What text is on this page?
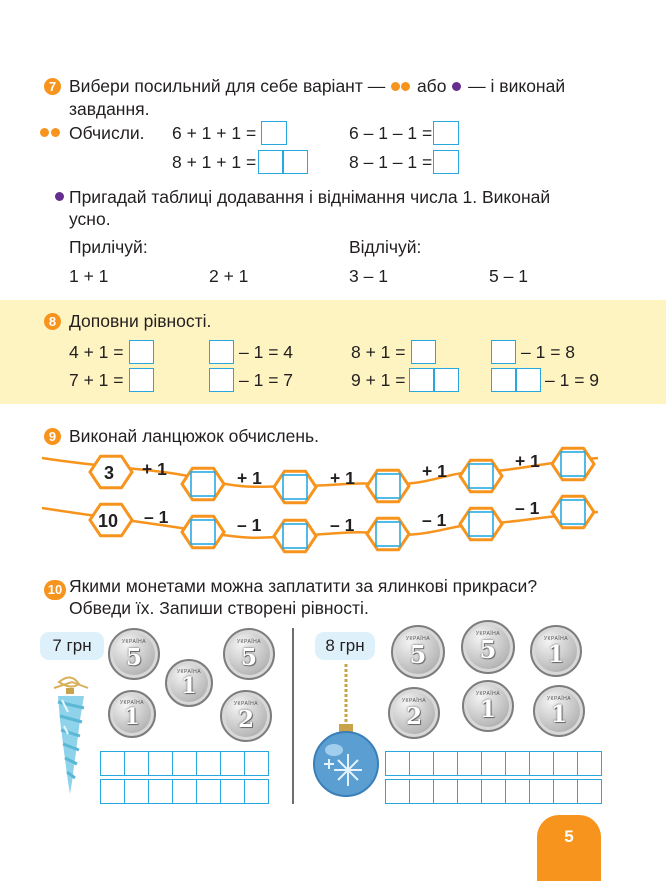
7 Вибери посильний для себе варіант —
або
— і виконай
завдання.
Обчисли. 6 + 1 + 1 =	6 – 1 – 1 =
8 + 1 + 1 =	8 – 1 – 1 =
Пригадай таблиці додавання і віднімання числа 1. Виконай
усно.
Прилічуй:	Відлічуй:
1 + 1	2 + 1	3 – 1	5 – 1
8 Доповни рівності.
4 + 1 =	– 1 = 4	8 + 1 =	– 1 = 8
7 + 1 =	– 1 = 7	9 + 1 =	– 1 = 9
9 Виконай ланцюжок обчислень.
3
10
+ 1	+ 1	+ 1	+ 1	+ 1
– 1	– 1	– 1	– 1
– 1
10 Якими монетами можна заплатити за ялинкові прикраси?
Обведи їх. Запиши створені рівності.
7 грн	8 грн
УКРАЇНА
5
УКРАЇНА
1
УКРАЇНА
5
УКРАЇНА
1
УКРАЇНА
2
УКРАЇНА
5
УКРАЇНА
5	УКРАЇНА
1
УКРАЇНА
2
УКРАЇНА
1	УКРАЇНА
1

5
